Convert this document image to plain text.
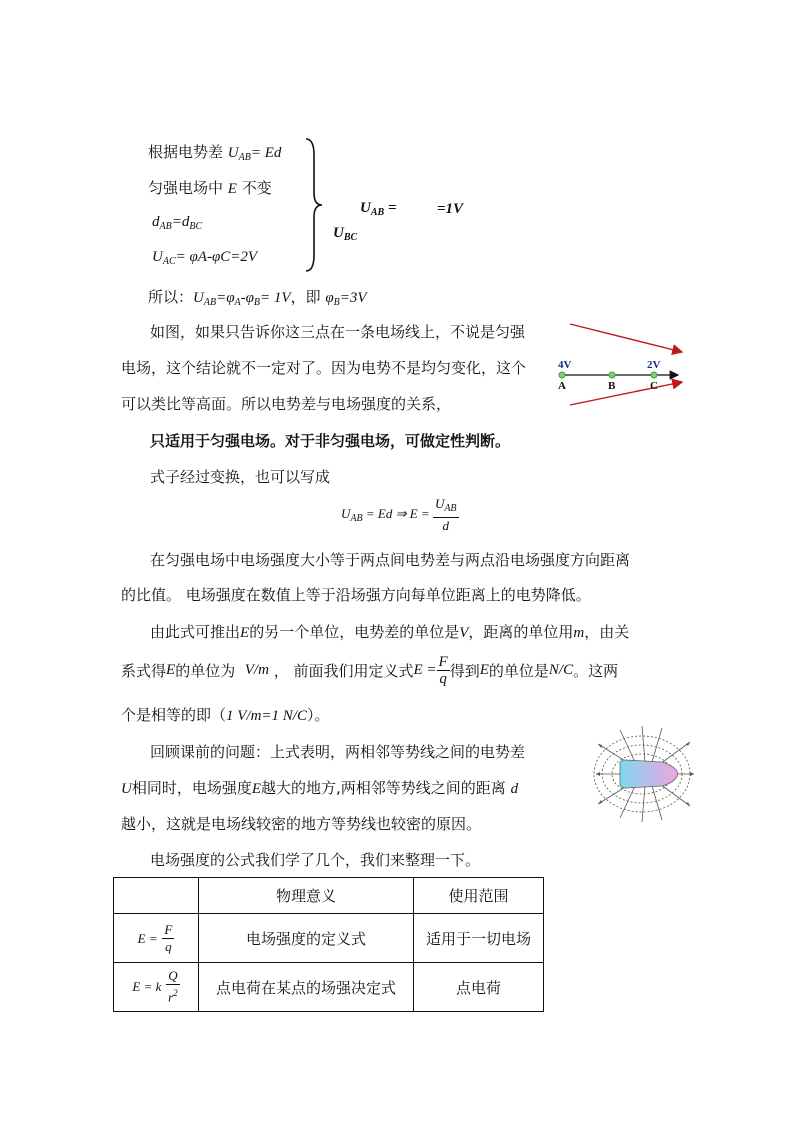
根据电势差 $U_{AB}= Ed$
匀强电场中 E 不变
$d_{AB}=d_{BC}$
$U_{AC}= \varphi A-\varphi C=2V$
$U_{AB}$ =	=1V
$U_{BC}$
所以：$U_{AB}=\varphi_A-\varphi_B= 1V$，即 $\varphi_B=3V$
如图，如果只告诉你这三点在一条电场线上，不说是匀强
电场，这个结论就不一定对了。因为电势不是均匀变化，这个
可以类比等高面。所以电势差与电场强度的关系，
只适用于匀强电场。对于非匀强电场，可做定性判断。
4V	2V
A	B	C
式子经过变换，也可以写成
$U_{AB} = Ed$ ⇒ $E = \frac{U_{AB}}{d}$
在匀强电场中电场强度大小等于两点间电势差与两点沿电场强度方向距离
的比值。 电场强度在数值上等于沿场强方向每单位距离上的电势降低。
由此式可推出E的另一个单位，电势差的单位是V，距离的单位用m，由关
系式得 E 的单位为
V/m
， 前面我们用定义式 $E = \frac{F}{q}$ 得到 E 的单位是 N/C 。这两
个是相等的即（1 V/m=1 N/C）。
回顾课前的问题：上式表明，两相邻等势线之间的电势差
U相同时，电场强度E越大的地方,两相邻等势线之间的距离 d
越小，这就是电场线较密的地方等势线也较密的原因。
电场强度的公式我们学了几个，我们来整理一下。
	物理意义	使用范围
$E = \frac{F}{q}$	电场强度的定义式	适用于一切电场
E = k $\frac{Q}{r^2}$	点电荷在某点的场强决定式	点电荷
